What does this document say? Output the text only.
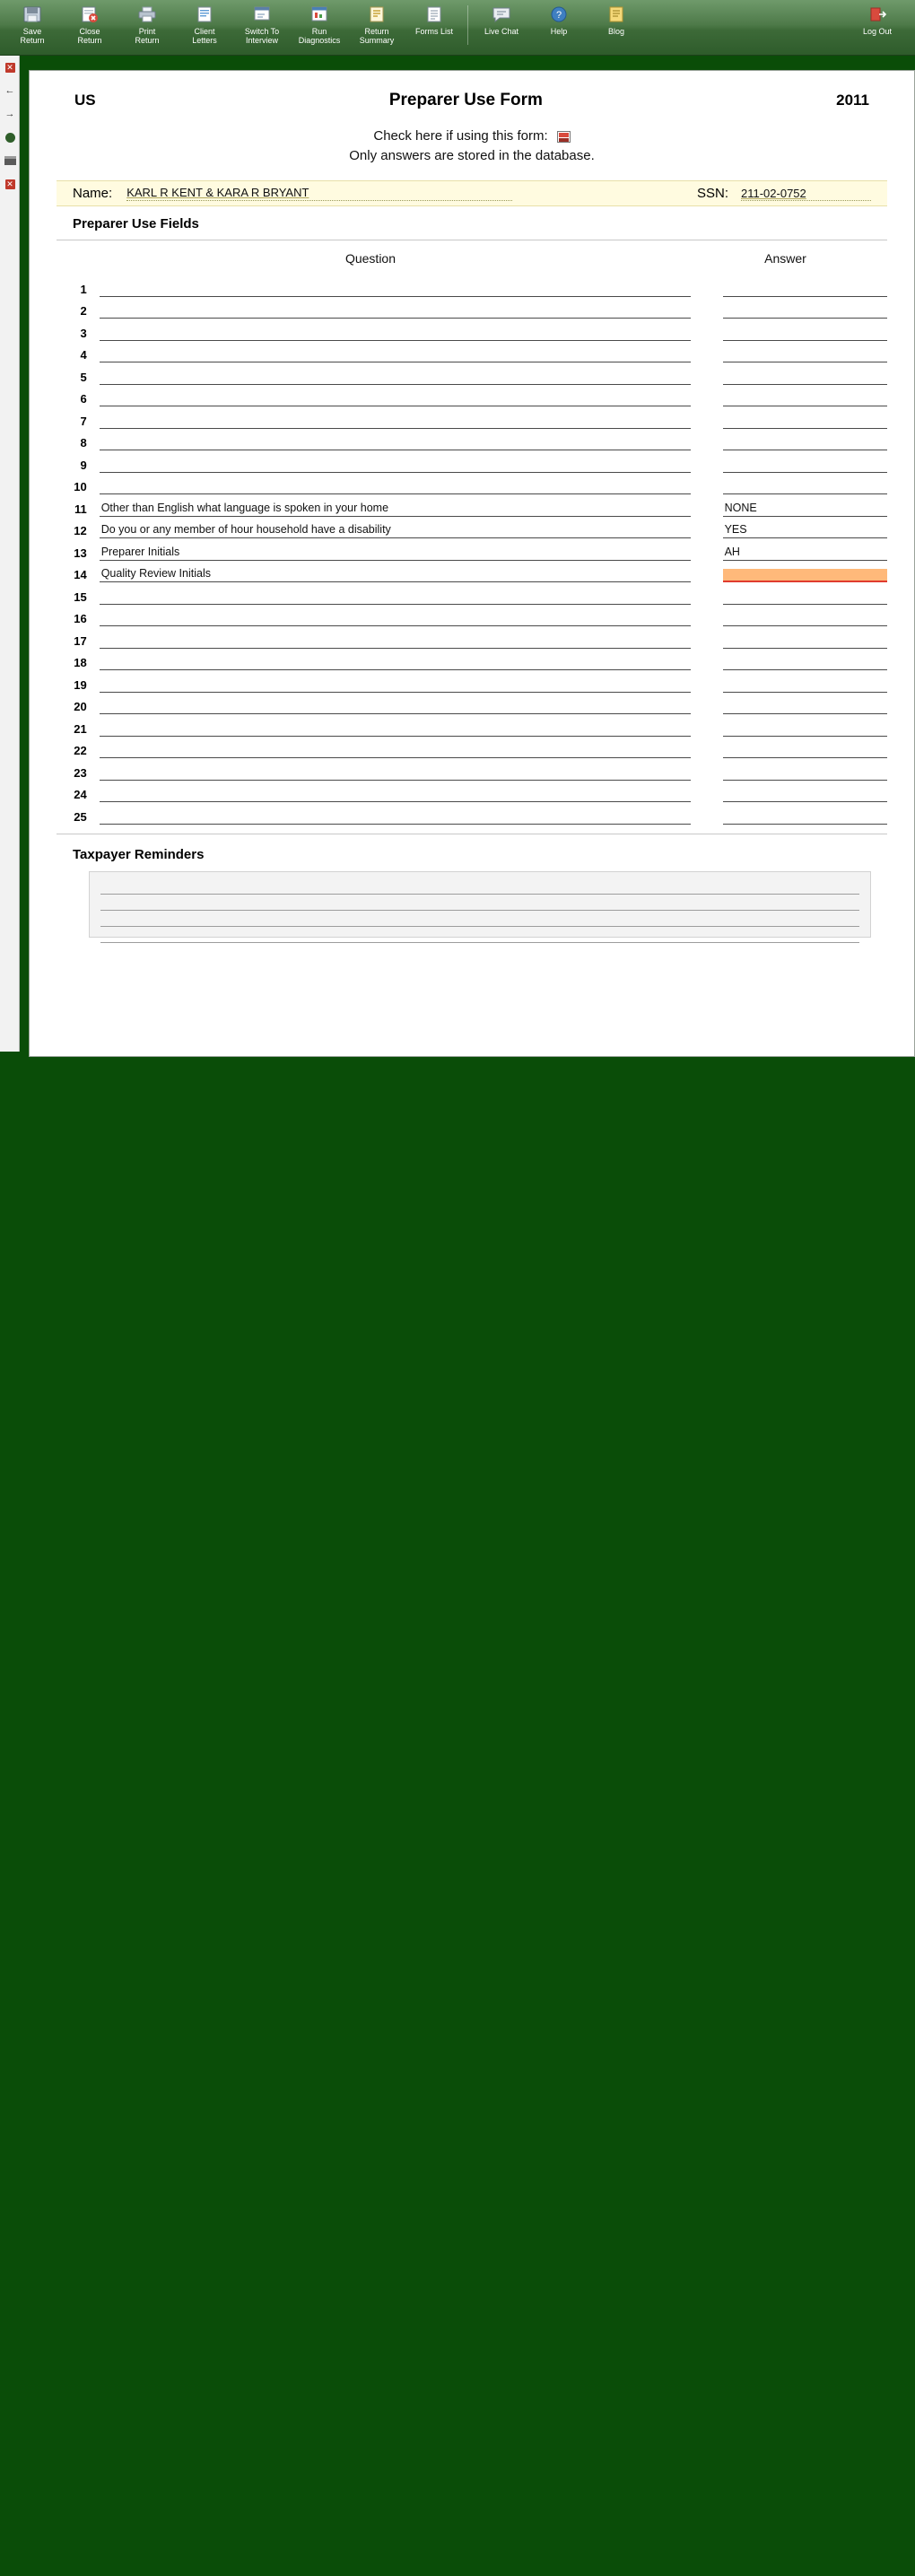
Save
Return
Close
Return
Print
Return
Client
Letters
Switch To
Interview
Run
Diagnostics
Return
Summary
Forms List	Live Chat
?
Help	Blog	Log Out
✕
←
→
✕
US	Preparer Use Form	2011
Check here if using this form:
Only answers are stored in the database.
Name: KARL R KENT & KARA R BRYANT	SSN: 211-02-0752
Preparer Use Fields
Question	Answer
1
2
3
4
5
6
7
8
9
10
11	Other than English what language is spoken in your home	NONE
12	Do you or any member of hour household have a disability	YES
13	Preparer Initials	AH
14	Quality Review Initials
15
16
17
18
19
20
21
22
23
24
25
Taxpayer Reminders
